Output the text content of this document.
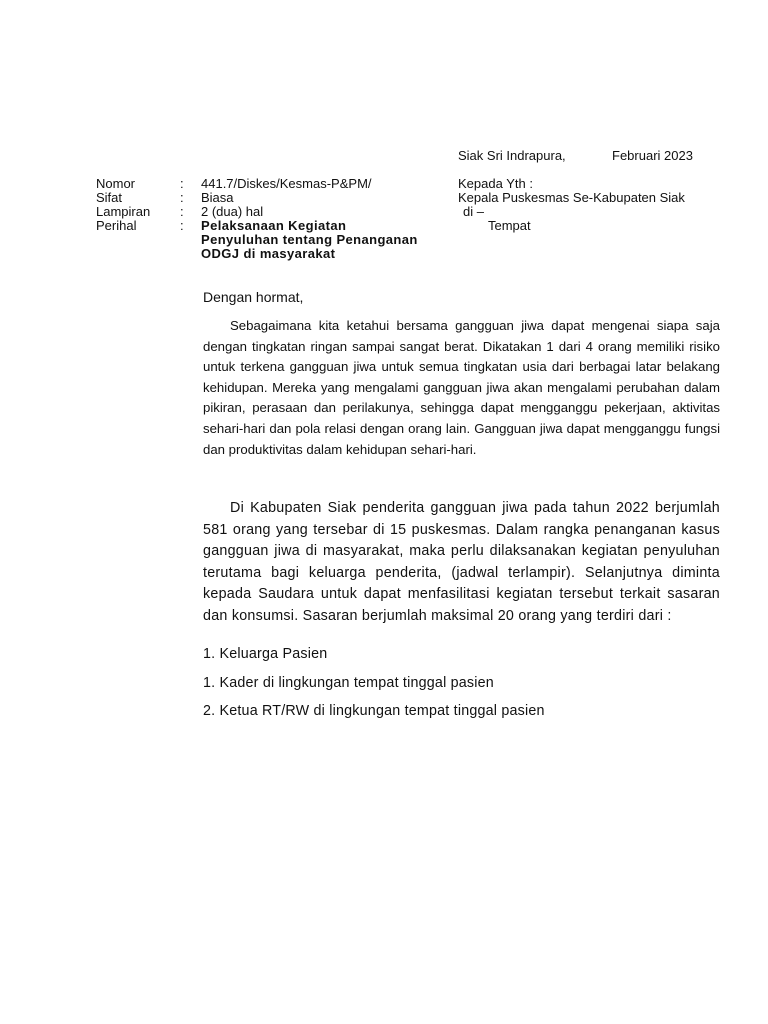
Siak Sri Indrapura,	Februari 2023
Nomor	: 441.7/Diskes/Kesmas-P&PM/
Sifat	: Biasa
Lampiran : 2 (dua) hal
Perihal	: Pelaksanaan Kegiatan
Penyuluhan tentang Penanganan
ODGJ di masyarakat
Kepada Yth :
Kepala Puskesmas Se-Kabupaten Siak
di –
Tempat
Dengan hormat,

Sebagaimana kita ketahui bersama gangguan jiwa dapat mengenai siapa saja dengan tingkatan ringan sampai sangat berat. Dikatakan 1 dari 4 orang memiliki risiko untuk terkena gangguan jiwa untuk semua tingkatan usia dari berbagai latar belakang kehidupan. Mereka yang mengalami gangguan jiwa akan mengalami perubahan dalam pikiran, perasaan dan perilakunya, sehingga dapat mengganggu pekerjaan, aktivitas sehari-hari dan pola relasi dengan orang lain. Gangguan jiwa dapat mengganggu fungsi dan produktivitas dalam kehidupan sehari-hari.

Di Kabupaten Siak penderita gangguan jiwa pada tahun 2022 berjumlah 581 orang yang tersebar di 15 puskesmas. Dalam rangka penanganan kasus gangguan jiwa di masyarakat, maka perlu dilaksanakan kegiatan penyuluhan terutama bagi keluarga penderita, (jadwal terlampir). Selanjutnya diminta kepada Saudara untuk dapat menfasilitasi kegiatan tersebut terkait sasaran dan konsumsi. Sasaran berjumlah maksimal 20 orang yang terdiri dari :

1. Keluarga Pasien
1. Kader di lingkungan tempat tinggal pasien
2. Ketua RT/RW di lingkungan tempat tinggal pasien
